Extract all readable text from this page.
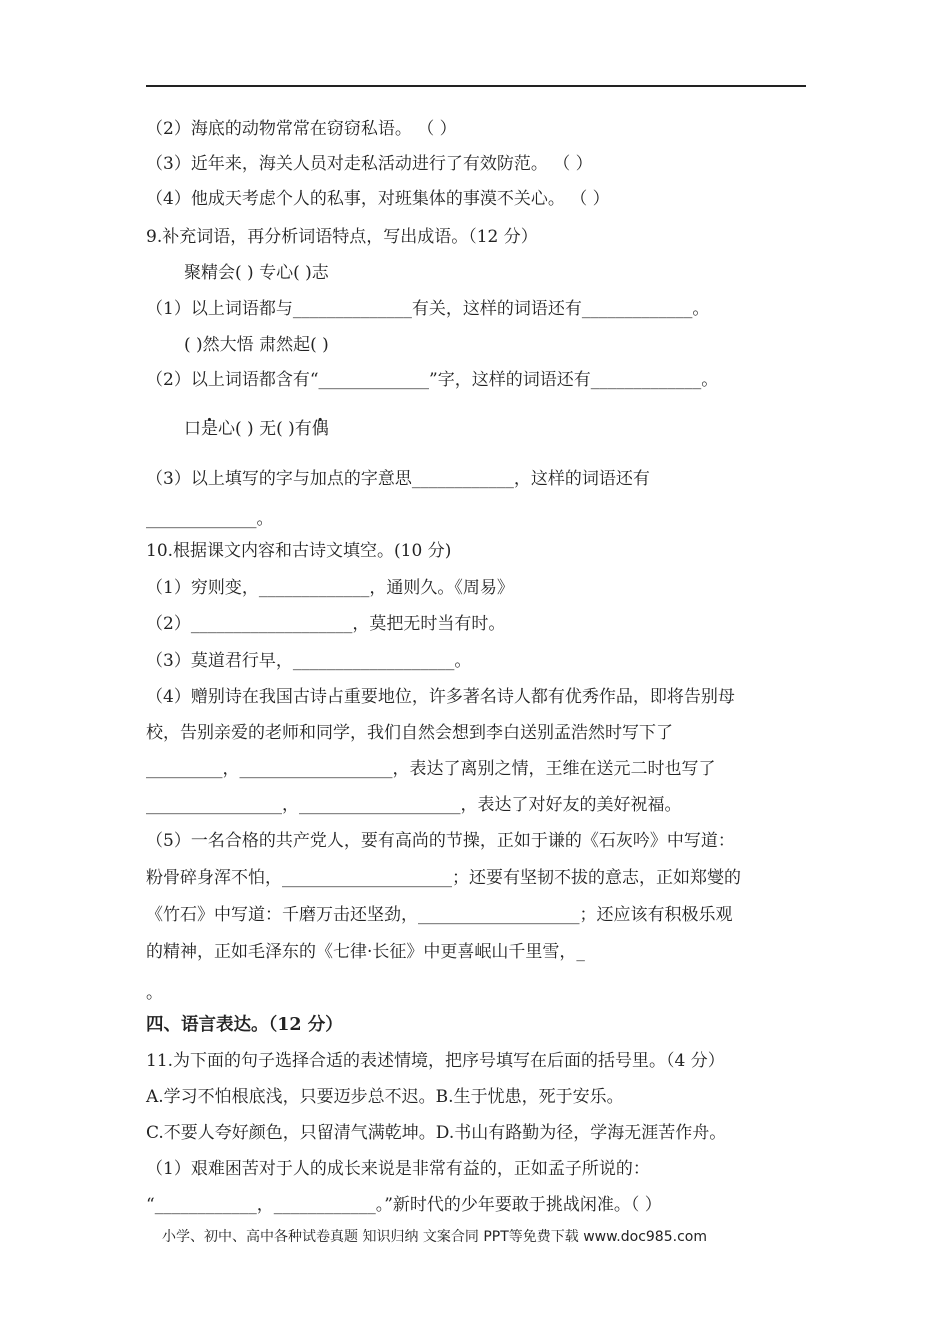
（2）海底的动物常常在窃窃私语。 （ ）
（3）近年来，海关人员对走私活动进行了有效防范。 （ ）
（4）他成天考虑个人的私事，对班集体的事漠不关心。 （ ）
9.补充词语，再分析词语特点，写出成语。（12 分）
聚精会( ) 专心( )志
（1）以上词语都与______________有关，这样的词语还有_____________。
( )然大悟 肃然起( )
（2）以上词语都含有“_____________”字，这样的词语还有_____________。
口是心( ) 无( )有偶
（3）以上填写的字与加点的字意思____________，这样的词语还有
_____________。
10.根据课文内容和古诗文填空。(10 分)
（1）穷则变，_____________，通则久。《周易》
（2）___________________，莫把无时当有时。
（3）莫道君行早，___________________。
（4）赠别诗在我国古诗占重要地位，许多著名诗人都有优秀作品，即将告别母
校，告别亲爱的老师和同学，我们自然会想到李白送别孟浩然时写下了
_________，__________________，表达了离别之情，王维在送元二时也写了
________________，___________________，表达了对好友的美好祝福。
（5）一名合格的共产党人，要有高尚的节操，正如于谦的《石灰吟》中写道：
粉骨碎身浑不怕，____________________；还要有坚韧不拔的意志，正如郑燮的
《竹石》中写道：千磨万击还坚劲，___________________；还应该有积极乐观
的精神，正如毛泽东的《七律·长征》中更喜岷山千里雪，_
。
四、语言表达。（12 分）
11.为下面的句子选择合适的表述情境，把序号填写在后面的括号里。（4 分）
A.学习不怕根底浅，只要迈步总不迟。B.生于忧患，死于安乐。
C.不要人夸好颜色，只留清气满乾坤。D.书山有路勤为径，学海无涯苦作舟。
（1）艰难困苦对于人的成长来说是非常有益的，正如孟子所说的：
“____________，____________。”新时代的少年要敢于挑战闲准。（ ）
小学、初中、高中各种试卷真题 知识归纳 文案合同 PPT等免费下载 www.doc985.com
